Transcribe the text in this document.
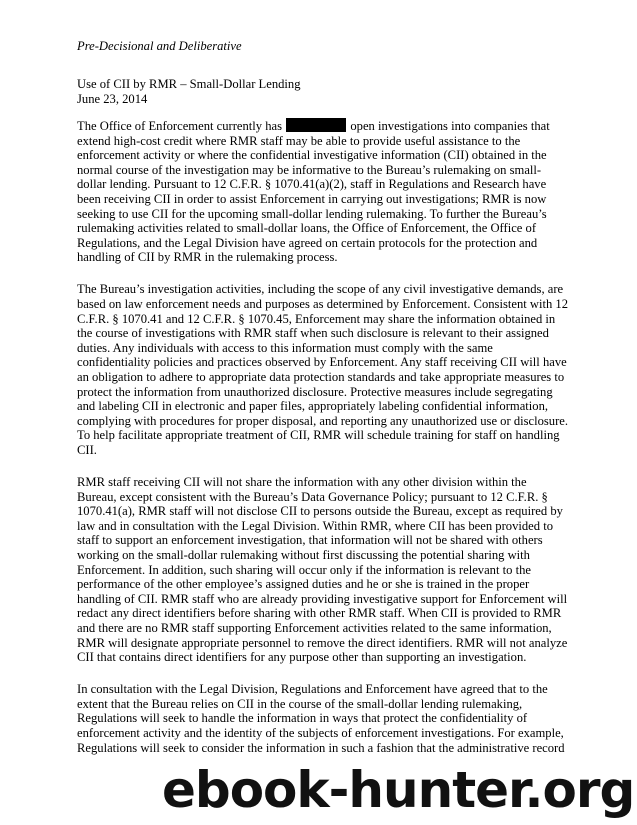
Pre-Decisional and Deliberative
Use of CII by RMR – Small-Dollar Lending
June 23, 2014
The Office of Enforcement currently has	open investigations into companies that
extend high-cost credit where RMR staff may be able to provide useful assistance to the
enforcement activity or where the confidential investigative information (CII) obtained in the
normal course of the investigation may be informative to the Bureau’s rulemaking on small-
dollar lending. Pursuant to 12 C.F.R. § 1070.41(a)(2), staff in Regulations and Research have
been receiving CII in order to assist Enforcement in carrying out investigations; RMR is now
seeking to use CII for the upcoming small-dollar lending rulemaking. To further the Bureau’s
rulemaking activities related to small-dollar loans, the Office of Enforcement, the Office of
Regulations, and the Legal Division have agreed on certain protocols for the protection and
handling of CII by RMR in the rulemaking process.
The Bureau’s investigation activities, including the scope of any civil investigative demands, are
based on law enforcement needs and purposes as determined by Enforcement. Consistent with 12
C.F.R. § 1070.41 and 12 C.F.R. § 1070.45, Enforcement may share the information obtained in
the course of investigations with RMR staff when such disclosure is relevant to their assigned
duties. Any individuals with access to this information must comply with the same
confidentiality policies and practices observed by Enforcement. Any staff receiving CII will have
an obligation to adhere to appropriate data protection standards and take appropriate measures to
protect the information from unauthorized disclosure. Protective measures include segregating
and labeling CII in electronic and paper files, appropriately labeling confidential information,
complying with procedures for proper disposal, and reporting any unauthorized use or disclosure.
To help facilitate appropriate treatment of CII, RMR will schedule training for staff on handling
CII.
RMR staff receiving CII will not share the information with any other division within the
Bureau, except consistent with the Bureau’s Data Governance Policy; pursuant to 12 C.F.R. §
1070.41(a), RMR staff will not disclose CII to persons outside the Bureau, except as required by
law and in consultation with the Legal Division. Within RMR, where CII has been provided to
staff to support an enforcement investigation, that information will not be shared with others
working on the small-dollar rulemaking without first discussing the potential sharing with
Enforcement. In addition, such sharing will occur only if the information is relevant to the
performance of the other employee’s assigned duties and he or she is trained in the proper
handling of CII. RMR staff who are already providing investigative support for Enforcement will
redact any direct identifiers before sharing with other RMR staff. When CII is provided to RMR
and there are no RMR staff supporting Enforcement activities related to the same information,
RMR will designate appropriate personnel to remove the direct identifiers. RMR will not analyze
CII that contains direct identifiers for any purpose other than supporting an investigation.
In consultation with the Legal Division, Regulations and Enforcement have agreed that to the
extent that the Bureau relies on CII in the course of the small-dollar lending rulemaking,
Regulations will seek to handle the information in ways that protect the confidentiality of
enforcement activity and the identity of the subjects of enforcement investigations. For example,
Regulations will seek to consider the information in such a fashion that the administrative record
ebook-hunter.org
